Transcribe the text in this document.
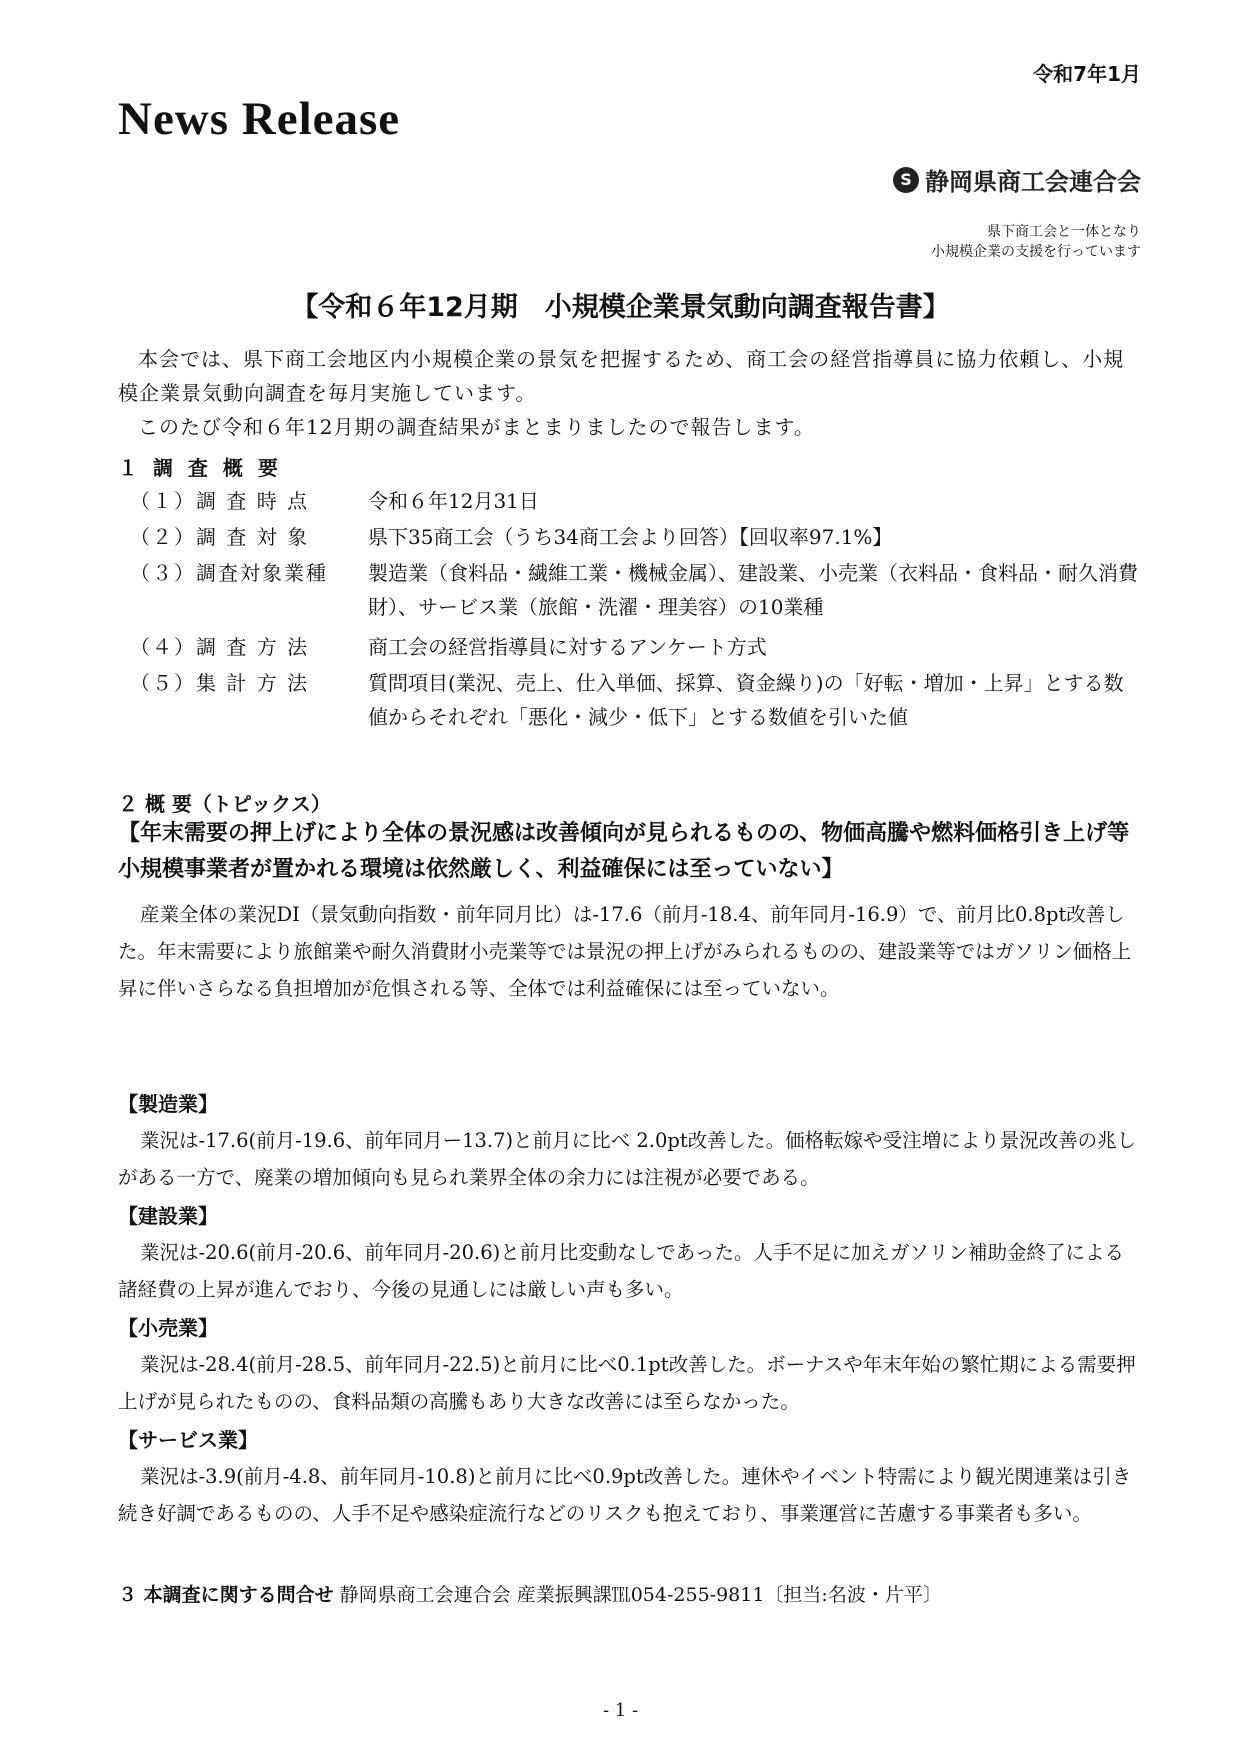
令和7年1月
News Release
S 静岡県商工会連合会
県下商工会と一体となり
小規模企業の支援を行っています
【令和６年12月期　小規模企業景気動向調査報告書】
本会では、県下商工会地区内小規模企業の景気を把握するため、商工会の経営指導員に協力依頼し、小規模企業景気動向調査を毎月実施しています。
このたび令和６年12月期の調査結果がまとまりましたので報告します。
１ 調 査 概 要
（１）調 査 時 点	令和６年12月31日
（２）調 査 対 象	県下35商工会（うち34商工会より回答）【回収率97.1%】
（３）調査対象業種	製造業（食料品・繊維工業・機械金属）、建設業、小売業（衣料品・食料品・耐久消費財）、サービス業（旅館・洗濯・理美容）の10業種
（４）調 査 方 法	商工会の経営指導員に対するアンケート方式
（５）集 計 方 法	質問項目(業況、売上、仕入単価、採算、資金繰り)の「好転・増加・上昇」とする数値からそれぞれ「悪化・減少・低下」とする数値を引いた値
２ 概 要（トピックス）
【年末需要の押上げにより全体の景況感は改善傾向が見られるものの、物価高騰や燃料価格引き上げ等小規模事業者が置かれる環境は依然厳しく、利益確保には至っていない】
産業全体の業況DI（景気動向指数・前年同月比）は-17.6（前月-18.4、前年同月-16.9）で、前月比0.8pt改善した。年末需要により旅館業や耐久消費財小売業等では景況の押上げがみられるものの、建設業等ではガソリン価格上昇に伴いさらなる負担増加が危惧される等、全体では利益確保には至っていない。
【製造業】
業況は-17.6(前月-19.6、前年同月ー13.7)と前月に比べ 2.0pt改善した。価格転嫁や受注増により景況改善の兆しがある一方で、廃業の増加傾向も見られ業界全体の余力には注視が必要である。
【建設業】
業況は-20.6(前月-20.6、前年同月-20.6)と前月比変動なしであった。人手不足に加えガソリン補助金終了による諸経費の上昇が進んでおり、今後の見通しには厳しい声も多い。
【小売業】
業況は-28.4(前月-28.5、前年同月-22.5)と前月に比べ0.1pt改善した。ボーナスや年末年始の繁忙期による需要押上げが見られたものの、食料品類の高騰もあり大きな改善には至らなかった。
【サービス業】
業況は-3.9(前月-4.8、前年同月-10.8)と前月に比べ0.9pt改善した。連休やイベント特需により観光関連業は引き続き好調であるものの、人手不足や感染症流行などのリスクも抱えており、事業運営に苦慮する事業者も多い。
３ 本調査に関する問合せ 静岡県商工会連合会 産業振興課℡054-255-9811〔担当:名波・片平〕
- 1 -
